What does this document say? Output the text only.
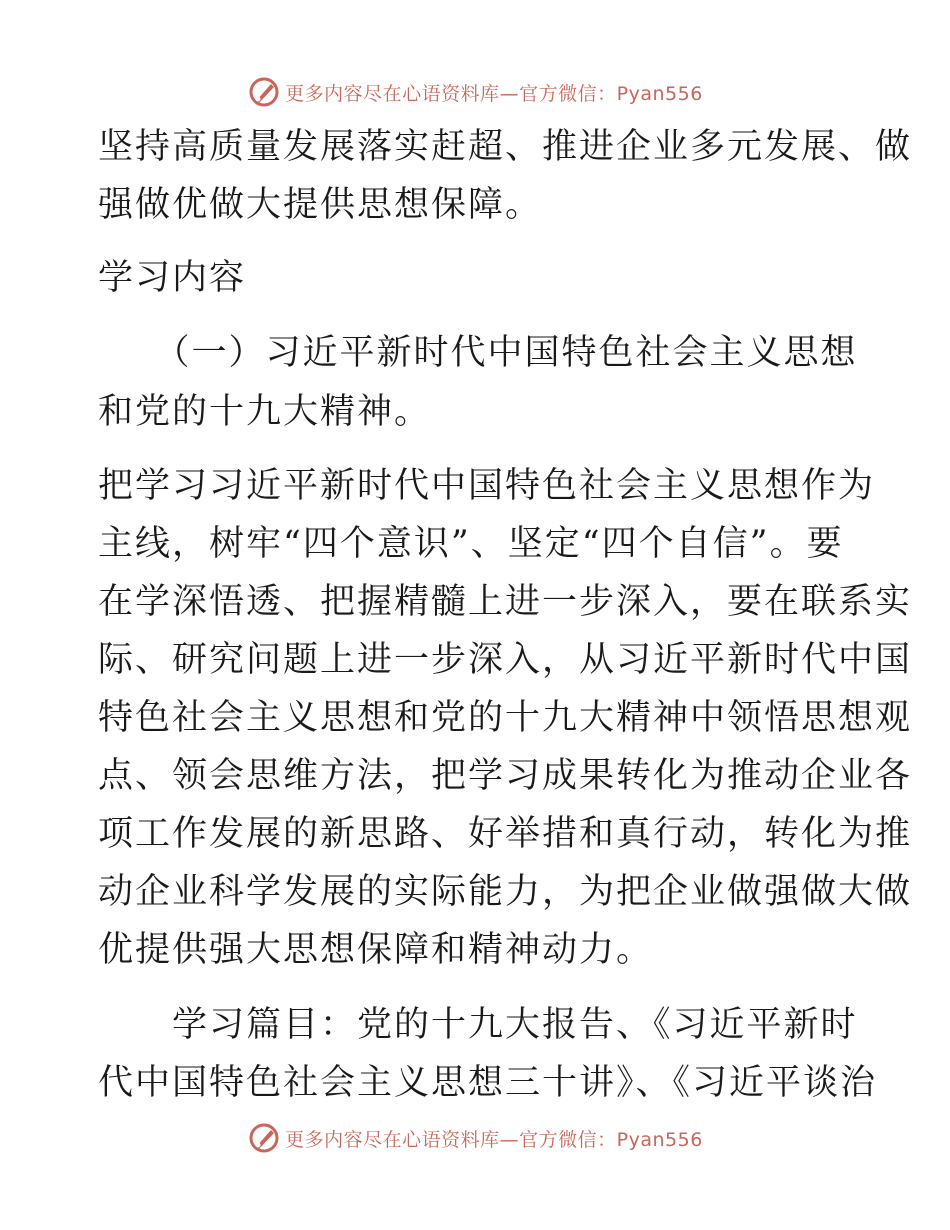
更多内容尽在心语资料库—官方微信：Pyan556
坚持高质量发展落实赶超、推进企业多元发展、做
强做优做大提供思想保障。
学习内容
　　（一）习近平新时代中国特色社会主义思想
和党的十九大精神。
把学习习近平新时代中国特色社会主义思想作为
主线，树牢“四个意识”、坚定“四个自信”。要
在学深悟透、把握精髓上进一步深入，要在联系实
际、研究问题上进一步深入，从习近平新时代中国
特色社会主义思想和党的十九大精神中领悟思想观
点、领会思维方法，把学习成果转化为推动企业各
项工作发展的新思路、好举措和真行动，转化为推
动企业科学发展的实际能力，为把企业做强做大做
优提供强大思想保障和精神动力。
　　学习篇目：党的十九大报告、《习近平新时
代中国特色社会主义思想三十讲》、《习近平谈治
更多内容尽在心语资料库—官方微信：Pyan556
